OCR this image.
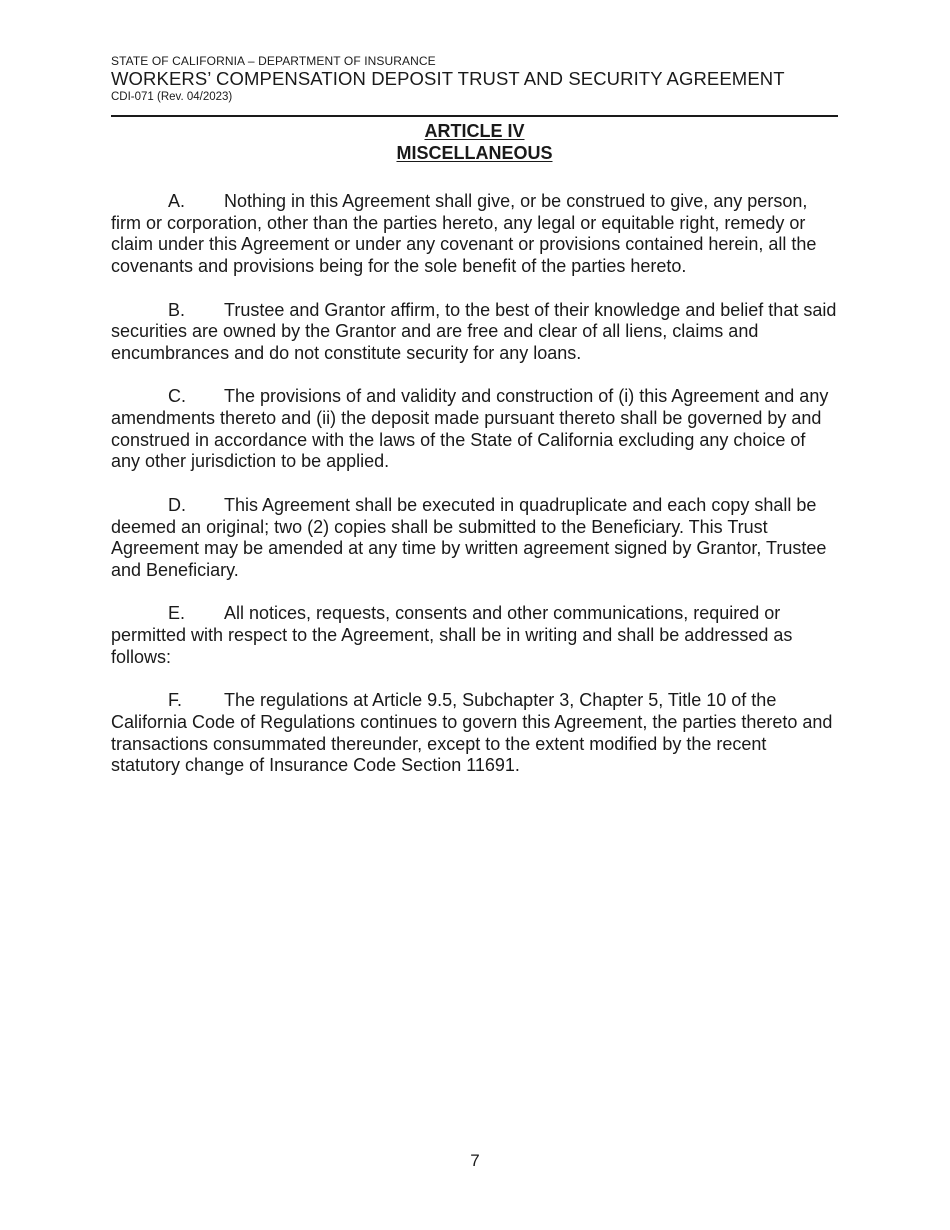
STATE OF CALIFORNIA – DEPARTMENT OF INSURANCE
WORKERS’ COMPENSATION DEPOSIT TRUST AND SECURITY AGREEMENT
CDI-071 (Rev. 04/2023)
ARTICLE IV
MISCELLANEOUS

A. Nothing in this Agreement shall give, or be construed to give, any person, firm or corporation, other than the parties hereto, any legal or equitable right, remedy or claim under this Agreement or under any covenant or provisions contained herein, all the covenants and provisions being for the sole benefit of the parties hereto.

B. Trustee and Grantor affirm, to the best of their knowledge and belief that said securities are owned by the Grantor and are free and clear of all liens, claims and encumbrances and do not constitute security for any loans.

C. The provisions of and validity and construction of (i) this Agreement and any amendments thereto and (ii) the deposit made pursuant thereto shall be governed by and construed in accordance with the laws of the State of California excluding any choice of any other jurisdiction to be applied.

D. This Agreement shall be executed in quadruplicate and each copy shall be deemed an original; two (2) copies shall be submitted to the Beneficiary. This Trust Agreement may be amended at any time by written agreement signed by Grantor, Trustee and Beneficiary.

E. All notices, requests, consents and other communications, required or permitted with respect to the Agreement, shall be in writing and shall be addressed as follows:

F. The regulations at Article 9.5, Subchapter 3, Chapter 5, Title 10 of the California Code of Regulations continues to govern this Agreement, the parties thereto and transactions consummated thereunder, except to the extent modified by the recent statutory change of Insurance Code Section 11691.

7
